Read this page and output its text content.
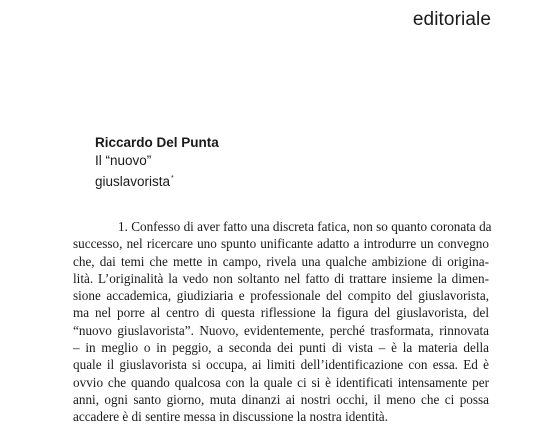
editoriale
Riccardo Del Punta
Il “nuovo”
giuslavorista*
1. Confesso di aver fatto una discreta fatica, non so quanto coronata da
successo, nel ricercare uno spunto unificante adatto a introdurre un convegno
che, dai temi che mette in campo, rivela una qualche ambizione di origina-
lità. L’originalità la vedo non soltanto nel fatto di trattare insieme la dimen-
sione accademica, giudiziaria e professionale del compito del giuslavorista,
ma nel porre al centro di questa riflessione la figura del giuslavorista, del
“nuovo giuslavorista”. Nuovo, evidentemente, perché trasformata, rinnovata
– in meglio o in peggio, a seconda dei punti di vista – è la materia della
quale il giuslavorista si occupa, ai limiti dell’identificazione con essa. Ed è
ovvio che quando qualcosa con la quale ci si è identificati intensamente per
anni, ogni santo giorno, muta dinanzi ai nostri occhi, il meno che ci possa
accadere è di sentire messa in discussione la nostra identità.
